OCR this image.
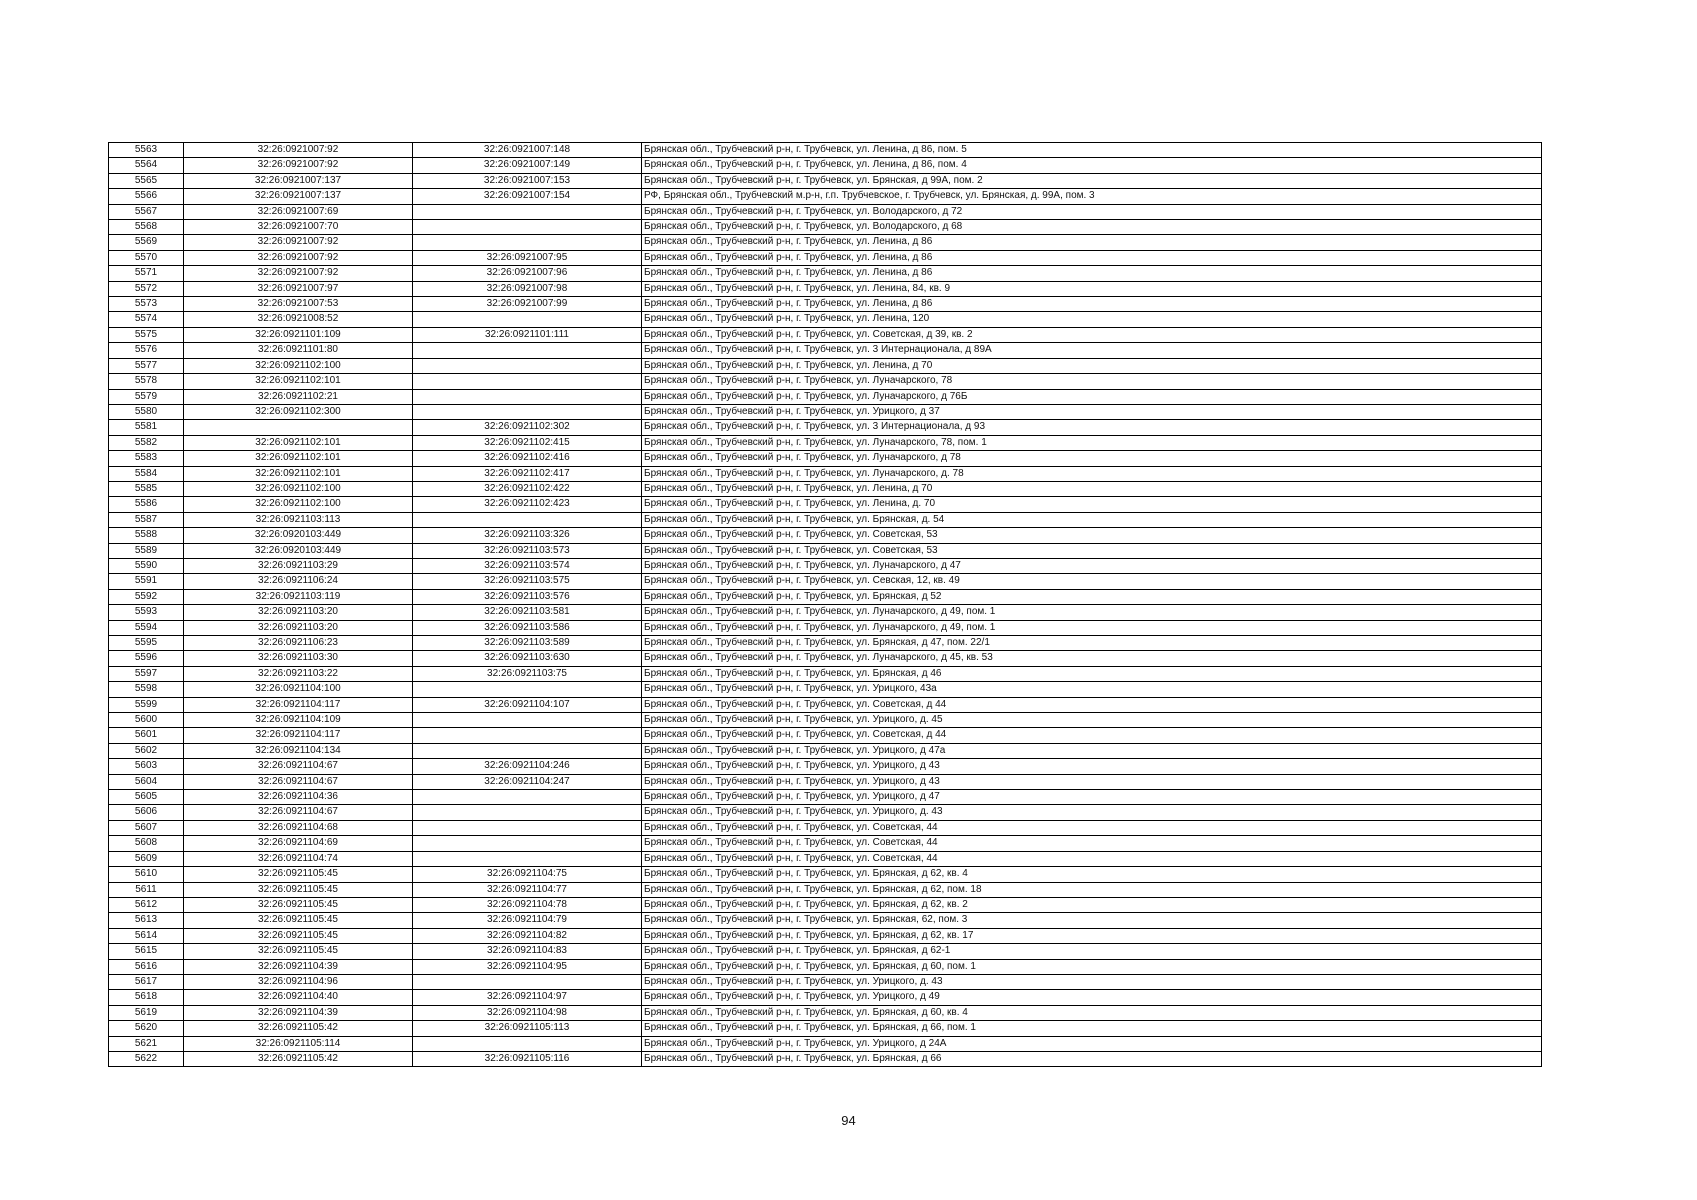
5563	32:26:0921007:92	32:26:0921007:148	Брянская обл., Трубчевский р-н, г. Трубчевск, ул. Ленина, д 86, пом. 5
5564	32:26:0921007:92	32:26:0921007:149	Брянская обл., Трубчевский р-н, г. Трубчевск, ул. Ленина, д 86, пом. 4
5565	32:26:0921007:137	32:26:0921007:153	Брянская обл., Трубчевский р-н, г. Трубчевск, ул. Брянская, д 99А, пом. 2
5566	32:26:0921007:137	32:26:0921007:154	РФ, Брянская обл., Трубчевский м.р-н, г.п. Трубчевское, г. Трубчевск, ул. Брянская, д. 99А, пом. 3
5567	32:26:0921007:69		Брянская обл., Трубчевский р-н, г. Трубчевск, ул. Володарского, д 72
5568	32:26:0921007:70		Брянская обл., Трубчевский р-н, г. Трубчевск, ул. Володарского, д 68
5569	32:26:0921007:92		Брянская обл., Трубчевский р-н, г. Трубчевск, ул. Ленина, д 86
5570	32:26:0921007:92	32:26:0921007:95	Брянская обл., Трубчевский р-н, г. Трубчевск, ул. Ленина, д 86
5571	32:26:0921007:92	32:26:0921007:96	Брянская обл., Трубчевский р-н, г. Трубчевск, ул. Ленина, д 86
5572	32:26:0921007:97	32:26:0921007:98	Брянская обл., Трубчевский р-н, г. Трубчевск, ул. Ленина, 84, кв. 9
5573	32:26:0921007:53	32:26:0921007:99	Брянская обл., Трубчевский р-н, г. Трубчевск, ул. Ленина, д 86
5574	32:26:0921008:52		Брянская обл., Трубчевский р-н, г. Трубчевск, ул. Ленина, 120
5575	32:26:0921101:109	32:26:0921101:111	Брянская обл., Трубчевский р-н, г. Трубчевск, ул. Советская, д 39, кв. 2
5576	32:26:0921101:80		Брянская обл., Трубчевский р-н, г. Трубчевск, ул. 3 Интернационала, д 89А
5577	32:26:0921102:100		Брянская обл., Трубчевский р-н, г. Трубчевск, ул. Ленина, д 70
5578	32:26:0921102:101		Брянская обл., Трубчевский р-н, г. Трубчевск, ул. Луначарского, 78
5579	32:26:0921102:21		Брянская обл., Трубчевский р-н, г. Трубчевск, ул. Луначарского, д 76Б
5580	32:26:0921102:300		Брянская обл., Трубчевский р-н, г. Трубчевск, ул. Урицкого, д 37
5581		32:26:0921102:302	Брянская обл., Трубчевский р-н, г. Трубчевск, ул. 3 Интернационала, д 93
5582	32:26:0921102:101	32:26:0921102:415	Брянская обл., Трубчевский р-н, г. Трубчевск, ул. Луначарского, 78, пом. 1
5583	32:26:0921102:101	32:26:0921102:416	Брянская обл., Трубчевский р-н, г. Трубчевск, ул. Луначарского, д 78
5584	32:26:0921102:101	32:26:0921102:417	Брянская обл., Трубчевский р-н, г. Трубчевск, ул. Луначарского, д. 78
5585	32:26:0921102:100	32:26:0921102:422	Брянская обл., Трубчевский р-н, г. Трубчевск, ул. Ленина, д 70
5586	32:26:0921102:100	32:26:0921102:423	Брянская обл., Трубчевский р-н, г. Трубчевск, ул. Ленина, д. 70
5587	32:26:0921103:113		Брянская обл., Трубчевский р-н, г. Трубчевск, ул. Брянская, д. 54
5588	32:26:0920103:449	32:26:0921103:326	Брянская обл., Трубчевский р-н, г. Трубчевск, ул. Советская, 53
5589	32:26:0920103:449	32:26:0921103:573	Брянская обл., Трубчевский р-н, г. Трубчевск, ул. Советская, 53
5590	32:26:0921103:29	32:26:0921103:574	Брянская обл., Трубчевский р-н, г. Трубчевск, ул. Луначарского, д 47
5591	32:26:0921106:24	32:26:0921103:575	Брянская обл., Трубчевский р-н, г. Трубчевск, ул. Севская, 12, кв. 49
5592	32:26:0921103:119	32:26:0921103:576	Брянская обл., Трубчевский р-н, г. Трубчевск, ул. Брянская, д 52
5593	32:26:0921103:20	32:26:0921103:581	Брянская обл., Трубчевский р-н, г. Трубчевск, ул. Луначарского, д 49, пом. 1
5594	32:26:0921103:20	32:26:0921103:586	Брянская обл., Трубчевский р-н, г. Трубчевск, ул. Луначарского, д 49, пом. 1
5595	32:26:0921106:23	32:26:0921103:589	Брянская обл., Трубчевский р-н, г. Трубчевск, ул. Брянская, д 47, пом. 22/1
5596	32:26:0921103:30	32:26:0921103:630	Брянская обл., Трубчевский р-н, г. Трубчевск, ул. Луначарского, д 45, кв. 53
5597	32:26:0921103:22	32:26:0921103:75	Брянская обл., Трубчевский р-н, г. Трубчевск, ул. Брянская, д 46
5598	32:26:0921104:100		Брянская обл., Трубчевский р-н, г. Трубчевск, ул. Урицкого, 43а
5599	32:26:0921104:117	32:26:0921104:107	Брянская обл., Трубчевский р-н, г. Трубчевск, ул. Советская, д 44
5600	32:26:0921104:109		Брянская обл., Трубчевский р-н, г. Трубчевск, ул. Урицкого, д. 45
5601	32:26:0921104:117		Брянская обл., Трубчевский р-н, г. Трубчевск, ул. Советская, д 44
5602	32:26:0921104:134		Брянская обл., Трубчевский р-н, г. Трубчевск, ул. Урицкого, д 47а
5603	32:26:0921104:67	32:26:0921104:246	Брянская обл., Трубчевский р-н, г. Трубчевск, ул. Урицкого, д 43
5604	32:26:0921104:67	32:26:0921104:247	Брянская обл., Трубчевский р-н, г. Трубчевск, ул. Урицкого, д 43
5605	32:26:0921104:36		Брянская обл., Трубчевский р-н, г. Трубчевск, ул. Урицкого, д 47
5606	32:26:0921104:67		Брянская обл., Трубчевский р-н, г. Трубчевск, ул. Урицкого, д. 43
5607	32:26:0921104:68		Брянская обл., Трубчевский р-н, г. Трубчевск, ул. Советская, 44
5608	32:26:0921104:69		Брянская обл., Трубчевский р-н, г. Трубчевск, ул. Советская, 44
5609	32:26:0921104:74		Брянская обл., Трубчевский р-н, г. Трубчевск, ул. Советская, 44
5610	32:26:0921105:45	32:26:0921104:75	Брянская обл., Трубчевский р-н, г. Трубчевск, ул. Брянская, д 62, кв. 4
5611	32:26:0921105:45	32:26:0921104:77	Брянская обл., Трубчевский р-н, г. Трубчевск, ул. Брянская, д 62, пом. 18
5612	32:26:0921105:45	32:26:0921104:78	Брянская обл., Трубчевский р-н, г. Трубчевск, ул. Брянская, д 62, кв. 2
5613	32:26:0921105:45	32:26:0921104:79	Брянская обл., Трубчевский р-н, г. Трубчевск, ул. Брянская, 62, пом. 3
5614	32:26:0921105:45	32:26:0921104:82	Брянская обл., Трубчевский р-н, г. Трубчевск, ул. Брянская, д 62, кв. 17
5615	32:26:0921105:45	32:26:0921104:83	Брянская обл., Трубчевский р-н, г. Трубчевск, ул. Брянская, д 62-1
5616	32:26:0921104:39	32:26:0921104:95	Брянская обл., Трубчевский р-н, г. Трубчевск, ул. Брянская, д 60, пом. 1
5617	32:26:0921104:96		Брянская обл., Трубчевский р-н, г. Трубчевск, ул. Урицкого, д. 43
5618	32:26:0921104:40	32:26:0921104:97	Брянская обл., Трубчевский р-н, г. Трубчевск, ул. Урицкого, д 49
5619	32:26:0921104:39	32:26:0921104:98	Брянская обл., Трубчевский р-н, г. Трубчевск, ул. Брянская, д 60, кв. 4
5620	32:26:0921105:42	32:26:0921105:113	Брянская обл., Трубчевский р-н, г. Трубчевск, ул. Брянская, д 66, пом. 1
5621	32:26:0921105:114		Брянская обл., Трубчевский р-н, г. Трубчевск, ул. Урицкого, д 24А
5622	32:26:0921105:42	32:26:0921105:116	Брянская обл., Трубчевский р-н, г. Трубчевск, ул. Брянская, д 66
94
